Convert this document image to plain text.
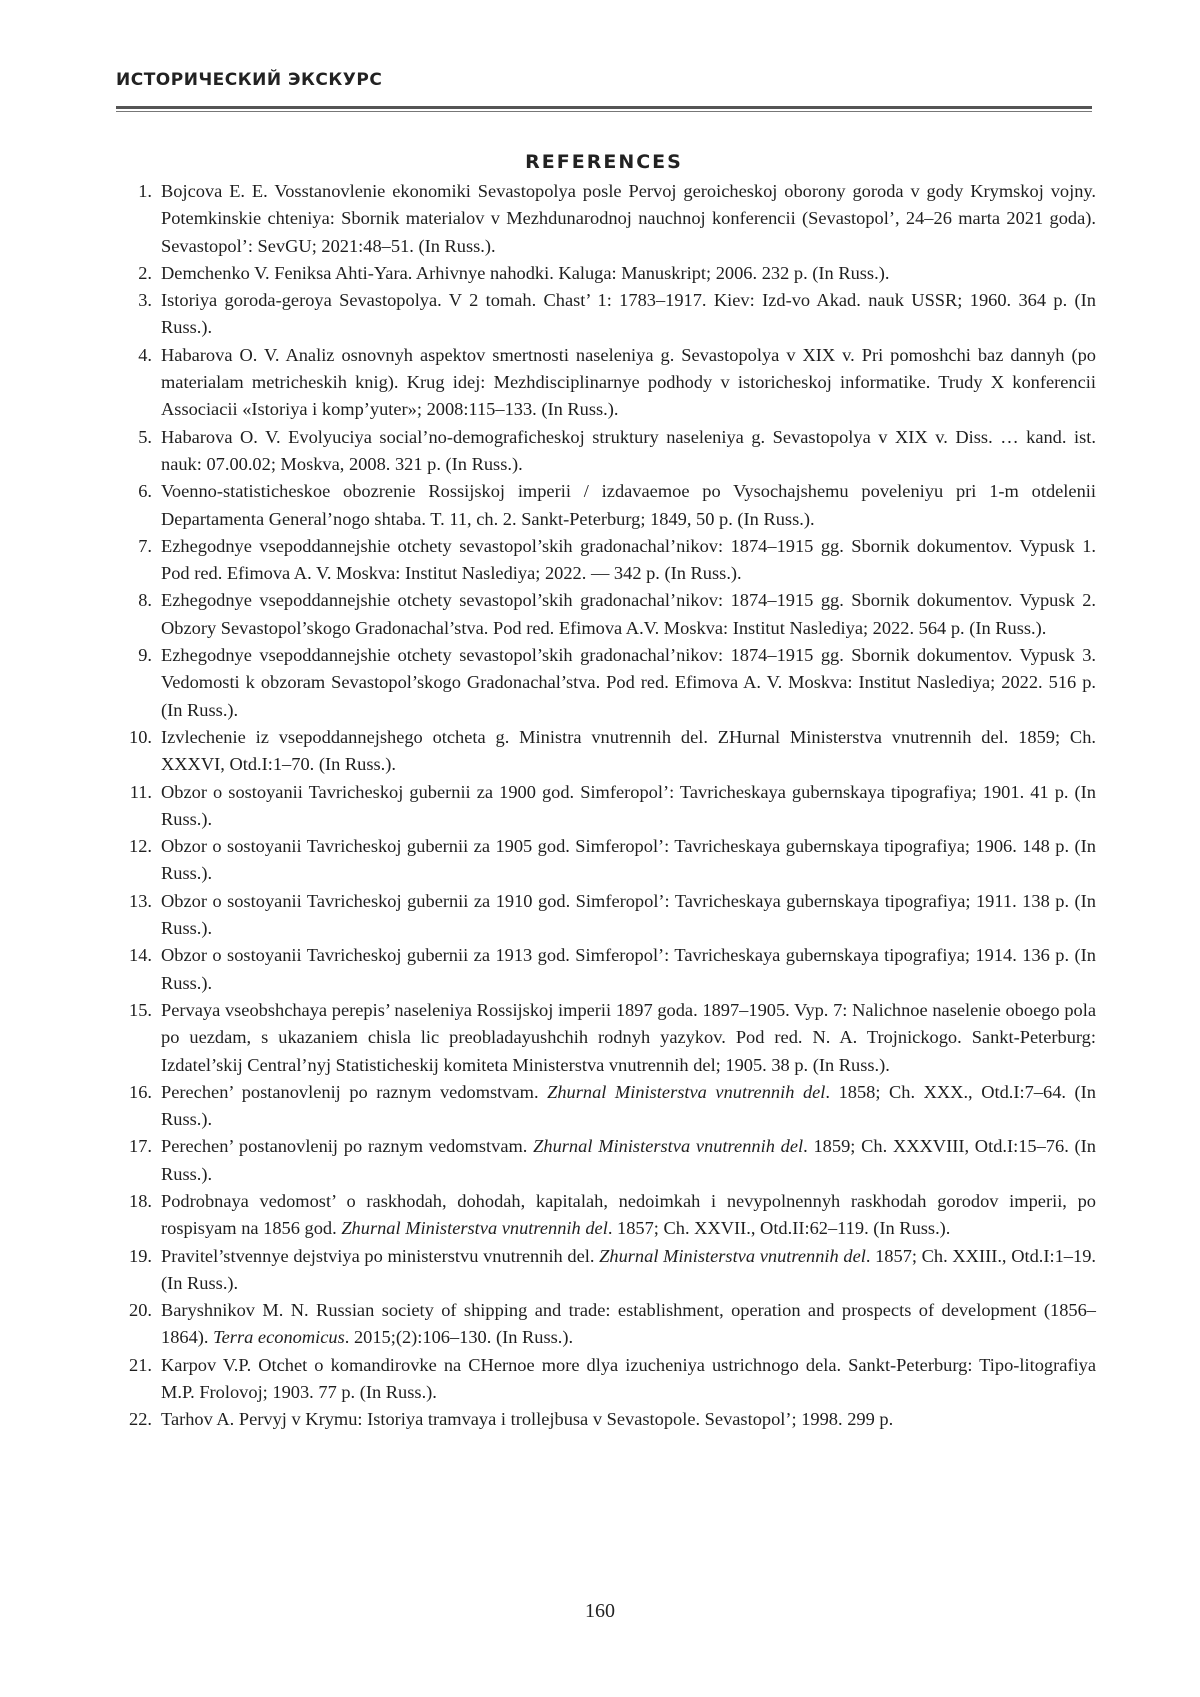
ИСТОРИЧЕСКИЙ ЭКСКУРС
REFERENCES
1. Bojcova E. E. Vosstanovlenie ekonomiki Sevastopolya posle Pervoj geroicheskoj oborony goroda v gody Krymskoj vojny. Potemkinskie chteniya: Sbornik materialov v Mezhdunarodnoj nauchnoj konferencii (Sevastopol’, 24–26 marta 2021 goda). Sevastopol’: SevGU; 2021:48–51. (In Russ.).
2. Demchenko V. Feniksa Ahti-Yara. Arhivnye nahodki. Kaluga: Manuskript; 2006. 232 p. (In Russ.).
3. Istoriya goroda-geroya Sevastopolya. V 2 tomah. Chast’ 1: 1783–1917. Kiev: Izd-vo Akad. nauk USSR; 1960. 364 p. (In Russ.).
4. Habarova O. V. Analiz osnovnyh aspektov smertnosti naseleniya g. Sevastopolya v XIX v. Pri pomoshchi baz dannyh (po materialam metricheskih knig). Krug idej: Mezhdisciplinarnye podhody v istoricheskoj informatike. Trudy X konferencii Associacii «Istoriya i komp’yuter»; 2008:115–133. (In Russ.).
5. Habarova O. V. Evolyuciya social’no-demograficheskoj struktury naseleniya g. Sevastopolya v XIX v. Diss. … kand. ist. nauk: 07.00.02; Moskva, 2008. 321 p. (In Russ.).
6. Voenno-statisticheskoe obozrenie Rossijskoj imperii / izdavaemoe po Vysochajshemu poveleniyu pri 1-m otdelenii Departamenta General’nogo shtaba. T. 11, ch. 2. Sankt-Peterburg; 1849, 50 p. (In Russ.).
7. Ezhegodnye vsepoddannejshie otchety sevastopol’skih gradonachal’nikov: 1874–1915 gg. Sbornik dokumentov. Vypusk 1. Pod red. Efimova A. V. Moskva: Institut Naslediya; 2022. — 342 p. (In Russ.).
8. Ezhegodnye vsepoddannejshie otchety sevastopol’skih gradonachal’nikov: 1874–1915 gg. Sbornik dokumentov. Vypusk 2. Obzory Sevastopol’skogo Gradonachal’stva. Pod red. Efimova A.V. Moskva: Institut Naslediya; 2022. 564 p. (In Russ.).
9. Ezhegodnye vsepoddannejshie otchety sevastopol’skih gradonachal’nikov: 1874–1915 gg. Sbornik dokumentov. Vypusk 3. Vedomosti k obzoram Sevastopol’skogo Gradonachal’stva. Pod red. Efimova A. V. Moskva: Institut Naslediya; 2022. 516 p. (In Russ.).
10. Izvlechenie iz vsepoddannejshego otcheta g. Ministra vnutrennih del. ZHurnal Ministerstva vnutrennih del. 1859; Ch. XXXVI, Otd.I:1–70. (In Russ.).
11. Obzor o sostoyanii Tavricheskoj gubernii za 1900 god. Simferopol’: Tavricheskaya gubernskaya tipografiya; 1901. 41 p. (In Russ.).
12. Obzor o sostoyanii Tavricheskoj gubernii za 1905 god. Simferopol’: Tavricheskaya gubernskaya tipografiya; 1906. 148 p. (In Russ.).
13. Obzor o sostoyanii Tavricheskoj gubernii za 1910 god. Simferopol’: Tavricheskaya gubernskaya tipografiya; 1911. 138 p. (In Russ.).
14. Obzor o sostoyanii Tavricheskoj gubernii za 1913 god. Simferopol’: Tavricheskaya gubernskaya tipografiya; 1914. 136 p. (In Russ.).
15. Pervaya vseobshchaya perepis’ naseleniya Rossijskoj imperii 1897 goda. 1897–1905. Vyp. 7: Nalichnoe naselenie oboego pola po uezdam, s ukazaniem chisla lic preobladayushchih rodnyh yazykov. Pod red. N. A. Trojnickogo. Sankt-Peterburg: Izdatel’skij Central’nyj Statisticheskij komiteta Ministerstva vnutrennih del; 1905. 38 p. (In Russ.).
16. Perechen’ postanovlenij po raznym vedomstvam. Zhurnal Ministerstva vnutrennih del. 1858; Ch. XXX., Otd.I:7–64. (In Russ.).
17. Perechen’ postanovlenij po raznym vedomstvam. Zhurnal Ministerstva vnutrennih del. 1859; Ch. XXXVIII, Otd.I:15–76. (In Russ.).
18. Podrobnaya vedomost’ o raskhodah, dohodah, kapitalah, nedoimkah i nevypolnennyh raskhodah gorodov imperii, po rospisyam na 1856 god. Zhurnal Ministerstva vnutrennih del. 1857; Ch. XXVII., Otd.II:62–119. (In Russ.).
19. Pravitel’stvennye dejstviya po ministerstvu vnutrennih del. Zhurnal Ministerstva vnutrennih del. 1857; Ch. XXIII., Otd.I:1–19. (In Russ.).
20. Baryshnikov M. N. Russian society of shipping and trade: establishment, operation and prospects of development (1856–1864). Terra economicus. 2015;(2):106–130. (In Russ.).
21. Karpov V.P. Otchet o komandirovke na CHernoe more dlya izucheniya ustrichnogo dela. Sankt-Peterburg: Tipo-litografiya M.P. Frolovoj; 1903. 77 p. (In Russ.).
22. Tarhov A. Pervyj v Krymu: Istoriya tramvaya i trollejbusa v Sevastopole. Sevastopol’; 1998. 299 p.
160
